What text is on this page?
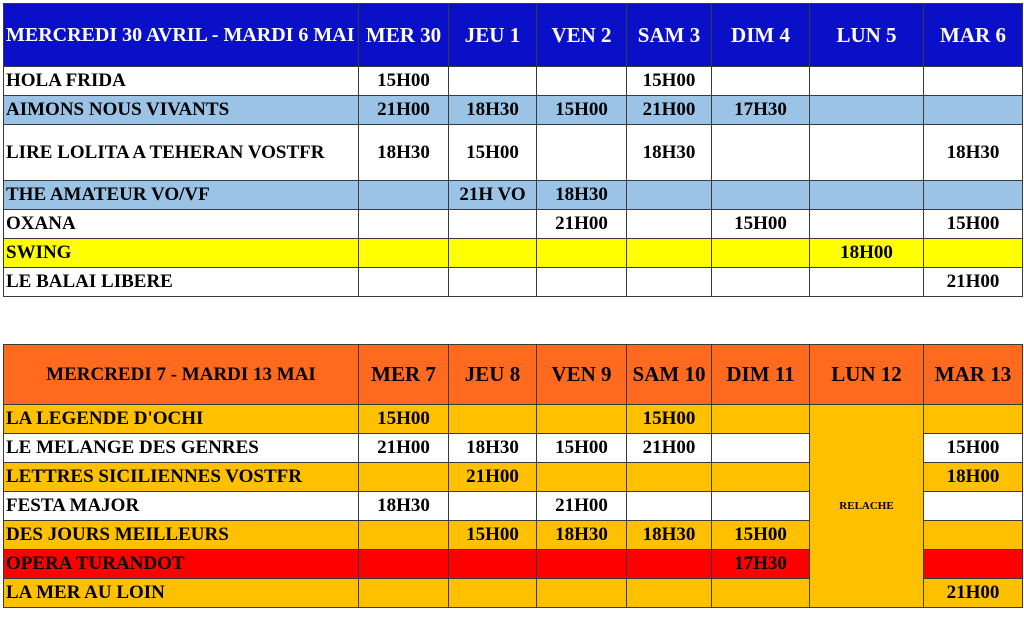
MERCREDI 30 AVRIL - MARDI 6 MAI	MER 30	JEU 1	VEN 2	SAM 3	DIM 4	LUN 5	MAR 6
HOLA FRIDA	15H00			15H00			
AIMONS NOUS VIVANTS	21H00	18H30	15H00	21H00	17H30		
LIRE LOLITA A TEHERAN VOSTFR	18H30	15H00		18H30			18H30
THE AMATEUR VO/VF		21H VO	18H30				
OXANA			21H00		15H00		15H00
SWING						18H00	
LE BALAI LIBERE							21H00
MERCREDI 7 - MARDI 13 MAI	MER 7	JEU 8	VEN 9	SAM 10	DIM 11	LUN 12	MAR 13
LA LEGENDE D'OCHI	15H00			15H00		RELACHE	
LE MELANGE DES GENRES	21H00	18H30	15H00	21H00			15H00
LETTRES SICILIENNES VOSTFR		21H00					18H00
FESTA MAJOR	18H30		21H00				
DES JOURS MEILLEURS		15H00	18H30	18H30	15H00		
OPERA TURANDOT					17H30		
LA MER AU LOIN							21H00
